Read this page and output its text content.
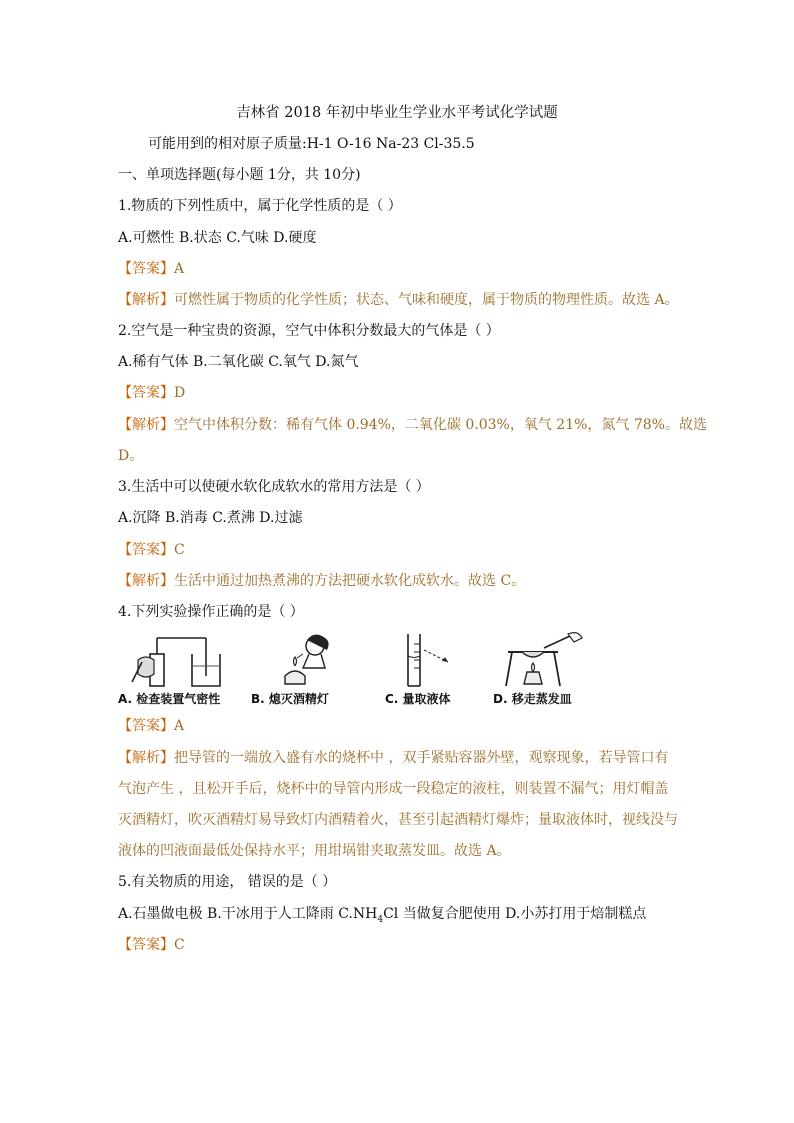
吉林省 2018 年初中毕业生学业水平考试化学试题
可能用到的相对原子质量:H-1 O-16 Na-23 Cl-35.5
一、单项选择题(每小题 1分，共 10分)
1.物质的下列性质中，属于化学性质的是（ ）
A.可燃性 B.状态 C.气味 D.硬度
【答案】A
【解析】可燃性属于物质的化学性质；状态、气味和硬度，属于物质的物理性质。故选 A。
2.空气是一种宝贵的资源，空气中体积分数最大的气体是（ ）
A.稀有气体 B.二氧化碳 C.氧气 D.氮气
【答案】D
【解析】空气中体积分数：稀有气体 0.94%，二氧化碳 0.03%，氧气 21%，氮气 78%。故选
D。
3.生活中可以使硬水软化成软水的常用方法是（ ）
A.沉降 B.消毒 C.煮沸 D.过滤
【答案】C
【解析】生活中通过加热煮沸的方法把硬水软化成软水。故选 C。
4.下列实验操作正确的是（ ）
A. 检查装置气密性	B. 熄灭酒精灯	C. 量取液体	D. 移走蒸发皿
【答案】A
【解析】把导管的一端放入盛有水的烧杯中 ，双手紧贴容器外壁，观察现象，若导管口有
气泡产生 ，且松开手后，烧杯中的导管内形成一段稳定的液柱，则装置不漏气；用灯帽盖
灭酒精灯，吹灭酒精灯易导致灯内酒精着火，甚至引起酒精灯爆炸；量取液体时，视线没与
液体的凹液面最低处保持水平；用坩埚钳夹取蒸发皿。故选 A。
5.有关物质的用途， 错误的是（ ）
A.石墨做电极 B.干冰用于人工降雨 $C.NH_4Cl$ 当做复合肥使用 D.小苏打用于焙制糕点
【答案】C
